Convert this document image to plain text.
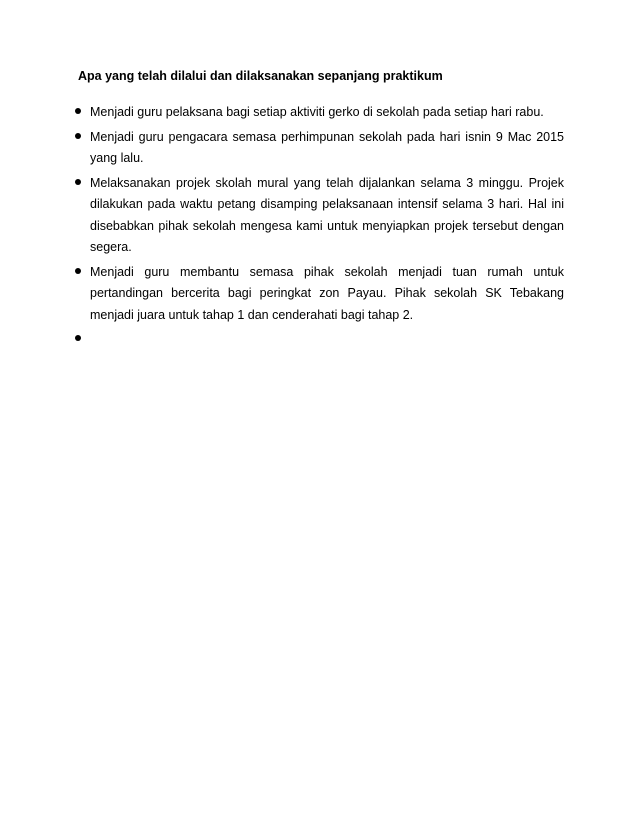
Apa yang telah dilalui dan dilaksanakan sepanjang praktikum
Menjadi guru pelaksana bagi setiap aktiviti gerko di sekolah pada setiap hari rabu.
Menjadi guru pengacara semasa perhimpunan sekolah pada hari isnin 9 Mac 2015 yang lalu.
Melaksanakan projek skolah mural yang telah dijalankan selama 3 minggu. Projek dilakukan pada waktu petang disamping pelaksanaan intensif selama 3 hari. Hal ini disebabkan pihak sekolah mengesa kami untuk menyiapkan projek tersebut dengan segera.
Menjadi guru membantu semasa pihak sekolah menjadi tuan rumah untuk pertandingan bercerita bagi peringkat zon Payau. Pihak sekolah SK Tebakang menjadi juara untuk tahap 1 dan cenderahati bagi tahap 2.
